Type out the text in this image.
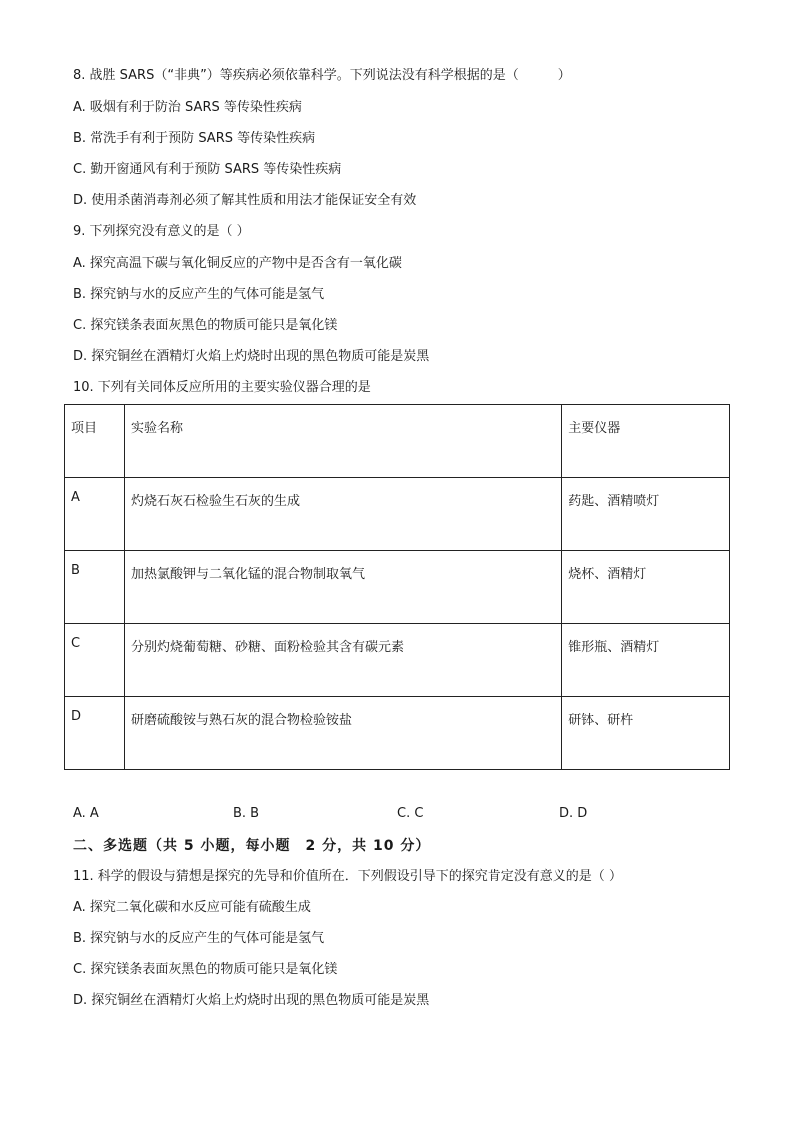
8. 战胜 SARS（“非典”）等疾病必须依靠科学。下列说法没有科学根据的是（　　　）
A. 吸烟有利于防治 SARS 等传染性疾病
B. 常洗手有利于预防 SARS 等传染性疾病
C. 勤开窗通风有利于预防 SARS 等传染性疾病
D. 使用杀菌消毒剂必须了解其性质和用法才能保证安全有效
9. 下列探究没有意义的是（ ）
A. 探究高温下碳与氧化铜反应的产物中是否含有一氧化碳
B. 探究钠与水的反应产生的气体可能是氢气
C. 探究镁条表面灰黑色的物质可能只是氧化镁
D. 探究铜丝在酒精灯火焰上灼烧时出现的黑色物质可能是炭黑
10. 下列有关同体反应所用的主要实验仪器合理的是
项目	实验名称	主要仪器
A	灼烧石灰石检验生石灰的生成	药匙、酒精喷灯
B	加热氯酸钾与二氧化锰的混合物制取氧气	烧杯、酒精灯
C	分别灼烧葡萄糖、砂糖、面粉检验其含有碳元素	锥形瓶、酒精灯
D	研磨硫酸铵与熟石灰的混合物检验铵盐	研钵、研杵
A. A	B. B	C. C	D. D
二、多选题（共 5 小题，每小题　2 分，共 10 分）
11. 科学的假设与猜想是探究的先导和价值所在．下列假设引导下的探究肯定没有意义的是（ ）
A. 探究二氧化碳和水反应可能有硫酸生成
B. 探究钠与水的反应产生的气体可能是氢气
C. 探究镁条表面灰黑色的物质可能只是氧化镁
D. 探究铜丝在酒精灯火焰上灼烧时出现的黑色物质可能是炭黑
